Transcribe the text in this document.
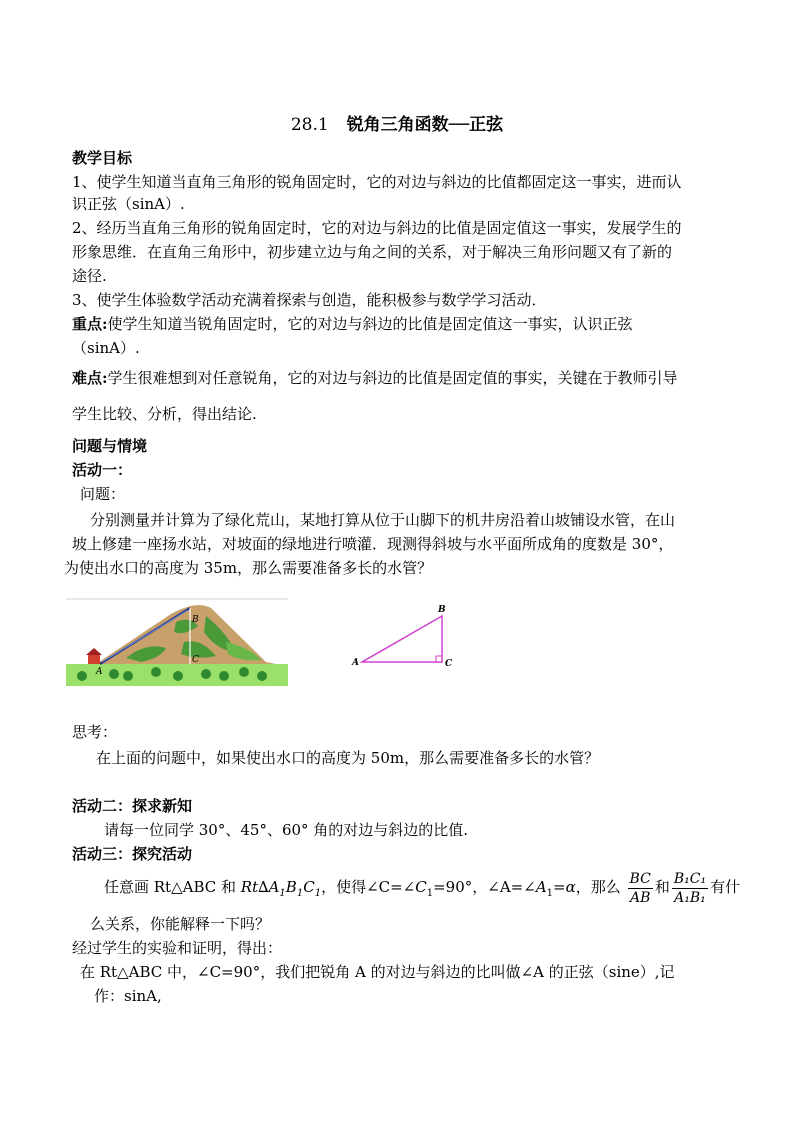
28.1 锐角三角函数──正弦
教学目标
1、使学生知道当直角三角形的锐角固定时，它的对边与斜边的比值都固定这一事实，进而认
识正弦（sinA）.
2、经历当直角三角形的锐角固定时，它的对边与斜边的比值是固定值这一事实，发展学生的
形象思维．在直角三角形中，初步建立边与角之间的关系，对于解决三角形问题又有了新的
途径.
3、使学生体验数学活动充满着探索与创造，能积极参与数学学习活动．
重点:使学生知道当锐角固定时，它的对边与斜边的比值是固定值这一事实，认识正弦
（sinA）.
难点:学生很难想到对任意锐角，它的对边与斜边的比值是固定值的事实，关键在于教师引导
学生比较、分析，得出结论.
问题与情境
活动一：
问题：
分别测量并计算为了绿化荒山，某地打算从位于山脚下的机井房沿着山坡铺设水管，在山
坡上修建一座扬水站，对坡面的绿地进行喷灌．现测得斜坡与水平面所成角的度数是 30°，
为使出水口的高度为 35m，那么需要准备多长的水管？
A
B
C	A
B
C
思考：
在上面的问题中，如果使出水口的高度为 50m，那么需要准备多长的水管？
活动二：探求新知
请每一位同学 30°、45°、60° 角的对边与斜边的比值.
活动三：探究活动
任意画 Rt△ABC 和 $Rt\Delta A_1B_1C_1$，使得$\angle C=\angle C_1=90^\circ$，$\angle A=\angle A_1=\alpha$，那么 $\frac{BC}{AB}$ 和 $\frac{\text{B₁C₁}}{\text{A₁B₁}}$ 有什
么关系，你能解释一下吗？
经过学生的实验和证明，得出：
在 Rt△ABC 中，∠C=90°，我们把锐角 A 的对边与斜边的比叫做∠A 的正弦（sine）,记
作：sinA,
